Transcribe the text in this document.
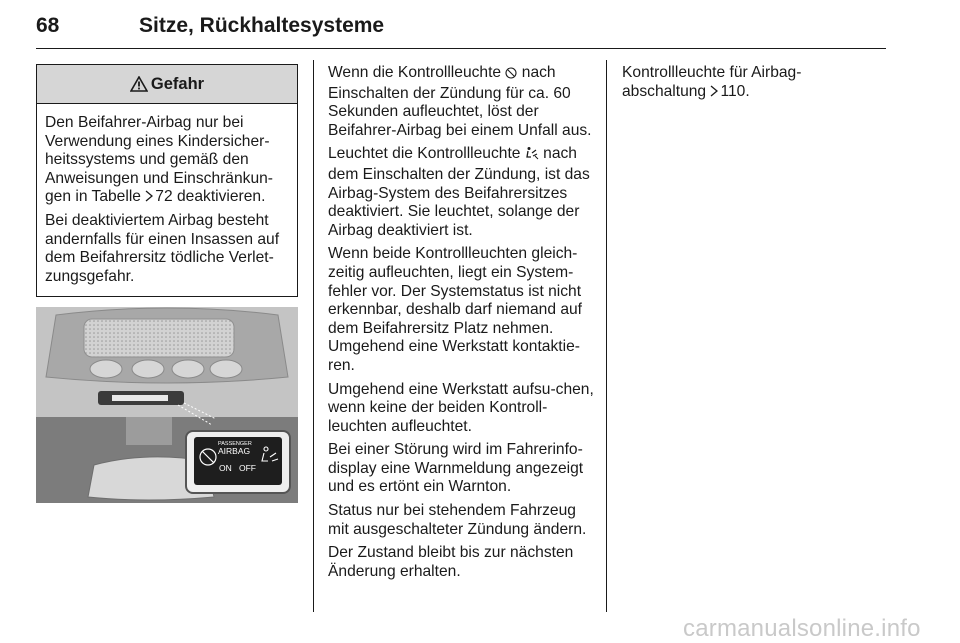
68	Sitze, Rückhaltesysteme
Gefahr

Den Beifahrer-Airbag nur bei Verwendung eines Kindersicher-heitssystems und gemäß den Anweisungen und Einschränkun-gen in Tabelle 72 deaktivieren.

Bei deaktiviertem Airbag besteht andernfalls für einen Insassen auf dem Beifahrersitz tödliche Verlet-zungsgefahr.

PASSENGER
AIRBAG
ON OFF

Wenn die Kontrollleuchte nach Einschalten der Zündung für ca. 60 Sekunden aufleuchtet, löst der Beifahrer-Airbag bei einem Unfall aus.

Leuchtet die Kontrollleuchte nach dem Einschalten der Zündung, ist das Airbag-System des Beifahrersitzes deaktiviert. Sie leuchtet, solange der Airbag deaktiviert ist.

Wenn beide Kontrollleuchten gleich-zeitig aufleuchten, liegt ein System-fehler vor. Der Systemstatus ist nicht erkennbar, deshalb darf niemand auf dem Beifahrersitz Platz nehmen. Umgehend eine Werkstatt kontaktie-ren.

Umgehend eine Werkstatt aufsu-chen, wenn keine der beiden Kontroll-leuchten aufleuchtet.

Bei einer Störung wird im Fahrerinfo-display eine Warnmeldung angezeigt und es ertönt ein Warnton.

Status nur bei stehendem Fahrzeug mit ausgeschalteter Zündung ändern.

Der Zustand bleibt bis zur nächsten Änderung erhalten.

Kontrollleuchte für Airbag-abschaltung 110.

carmanualsonline.info
